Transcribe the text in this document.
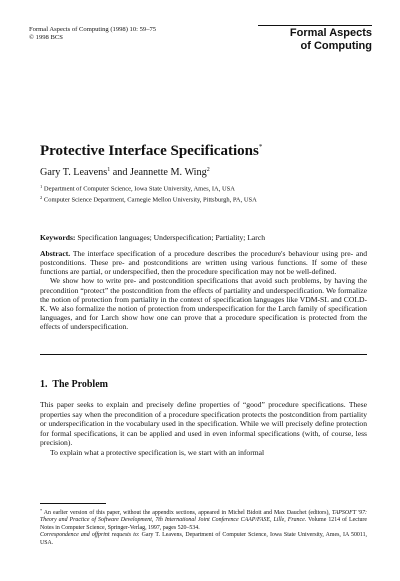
Formal Aspects of Computing (1998) 10: 59–75
© 1998 BCS	Formal Aspects
of Computing
Protective Interface Specifications*
Gary T. Leavens$^1$ and Jeannette M. Wing$^2$
$^1$ Department of Computer Science, Iowa State University, Ames, IA, USA
$^2$ Computer Science Department, Carnegie Mellon University, Pittsburgh, PA, USA
Keywords: Specification languages; Underspecification; Partiality; Larch

Abstract. The interface specification of a procedure describes the procedure's behaviour using pre- and postconditions. These pre- and postconditions are written using various functions. If some of these functions are partial, or underspecified, then the procedure specification may not be well-defined.

We show how to write pre- and postcondition specifications that avoid such problems, by having the precondition “protect” the postcondition from the effects of partiality and underspecification. We formalize the notion of protection from partiality in the context of specification languages like VDM-SL and COLD-K. We also formalize the notion of protection from underspecification for the Larch family of specification languages, and for Larch show how one can prove that a procedure specification is protected from the effects of underspecification.

1.  The Problem

This paper seeks to explain and precisely define properties of “good” procedure specifications. These properties say when the precondition of a procedure specification protects the postcondition from partiality or underspecification in the vocabulary used in the specification. While we will precisely define protection for formal specifications, it can be applied and used in even informal specifications (with, of course, less precision).

To explain what a protective specification is, we start with an informal

* An earlier version of this paper, without the appendix sections, appeared in Michel Bidoit and Max Dauchet (editors), TAPSOFT '97: Theory and Practice of Software Development, 7th International Joint Conference CAAP/FASE, Lille, France. Volume 1214 of Lecture Notes in Computer Science, Springer-Verlag, 1997, pages 520–534.

Correspondence and offprint requests to: Gary T. Leavens, Department of Computer Science, Iowa State University, Ames, IA 50011, USA.
